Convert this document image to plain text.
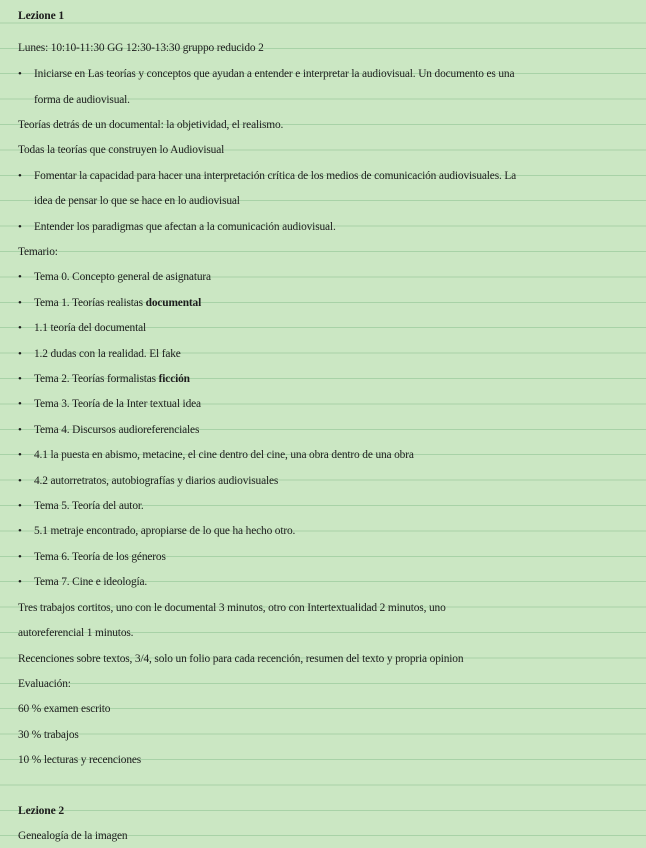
Lezione 1
Lunes: 10:10-11:30 GG 12:30-13:30 gruppo reducido 2
• Iniciarse en Las teorías y conceptos que ayudan a entender e interpretar la audiovisual. Un documento es una
forma de audiovisual.
Teorías detrás de un documental: la objetividad, el realismo.
Todas la teorías que construyen lo Audiovisual
• Fomentar la capacidad para hacer una interpretación crítica de los medios de comunicación audiovisuales. La
idea de pensar lo que se hace en lo audiovisual
• Entender los paradigmas que afectan a la comunicación audiovisual.
Temario:
• Tema 0. Concepto general de asignatura
• Tema 1. Teorías realistas documental
• 1.1 teoría del documental
• 1.2 dudas con la realidad. El fake
• Tema 2. Teorías formalistas ficción
• Tema 3. Teoría de la Inter textual idea
• Tema 4. Discursos audioreferenciales
• 4.1 la puesta en abismo, metacine, el cine dentro del cine, una obra dentro de una obra
• 4.2 autorretratos, autobiografías y diarios audiovisuales
• Tema 5. Teoría del autor.
• 5.1 metraje encontrado, apropiarse de lo que ha hecho otro.
• Tema 6. Teoría de los géneros
• Tema 7. Cine e ideología.
Tres trabajos cortitos, uno con le documental 3 minutos, otro con Intertextualidad 2 minutos, uno
autoreferencial 1 minutos.
Recenciones sobre textos, 3/4, solo un folio para cada recención, resumen del texto y propria opinion
Evaluación:
60 % examen escrito
30 % trabajos
10 % lecturas y recenciones
Lezione 2
Genealogía de la imagen
